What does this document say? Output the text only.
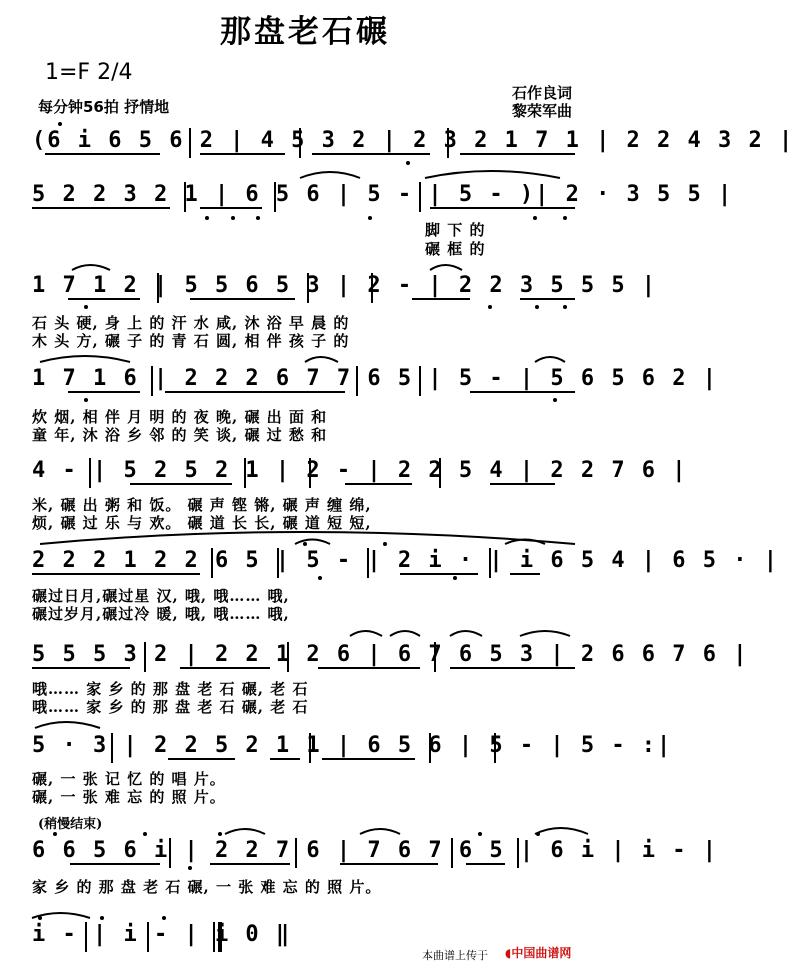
那盘老石碾
1=F 2/4
每分钟56拍 抒情地
石作良词
黎荣军曲
(6 i 6 5 6 2 | 4 5 3 2 | 2 3 2 1 7 1 | 2 2 4 3 2 |
5 2 2 3 2 1 | 6 5 6 | 5 - | 5 - )| 2 · 3 5 5 |
脚 下 的
碾 框 的
1 7 1 2 | 5 5 6 5 3 | 2 - | 2 2 3 5 5 5 |
石 头 硬, 身 上 的 汗 水 咸, 沐 浴 早 晨 的
木 头 方, 碾 子 的 青 石 圆, 相 伴 孩 子 的
1 7 1 6 | 2 2 2 6 7 7 6 5 | 5 - | 5 6 5 6 2 |
炊 烟, 相 伴 月 明 的 夜 晚, 碾 出 面 和
童 年, 沐 浴 乡 邻 的 笑 谈, 碾 过 愁 和
4 - | 5 2 5 2 1 | 2 - | 2 2 5 4 | 2 2 7 6 |
米, 碾 出 粥 和 饭。 碾 声 铿 锵, 碾 声 缠 绵,
烦, 碾 过 乐 与 欢。 碾 道 长 长, 碾 道 短 短,
2 2 2 1 2 2 6 5 | 5 - | 2 i · | i 6 5 4 | 6 5 · |
碾过日月,碾过星 汉, 哦, 哦…… 哦,
碾过岁月,碾过冷 暖, 哦, 哦…… 哦,
5 5 5 3 2 | 2 2 1 2 6 | 6 7 6 5 3 | 2 6 6 7 6 |
哦…… 家 乡 的 那 盘 老 石 碾, 老 石
哦…… 家 乡 的 那 盘 老 石 碾, 老 石
5 · 3 | 2 2 5 2 1 1 | 6 5 6 | 5 - | 5 - :|
碾, 一 张 记 忆 的 唱 片。
碾, 一 张 难 忘 的 照 片。
(稍慢结束)
6 6 5 6 i | 2 2 7 6 | 7 6 7 6 5 | 6 i | i - |
家 乡 的 那 盘 老 石 碾, 一 张 难 忘 的 照 片。
i - | i - | i 0 ‖
本曲谱上传于 ◖中国曲谱网
